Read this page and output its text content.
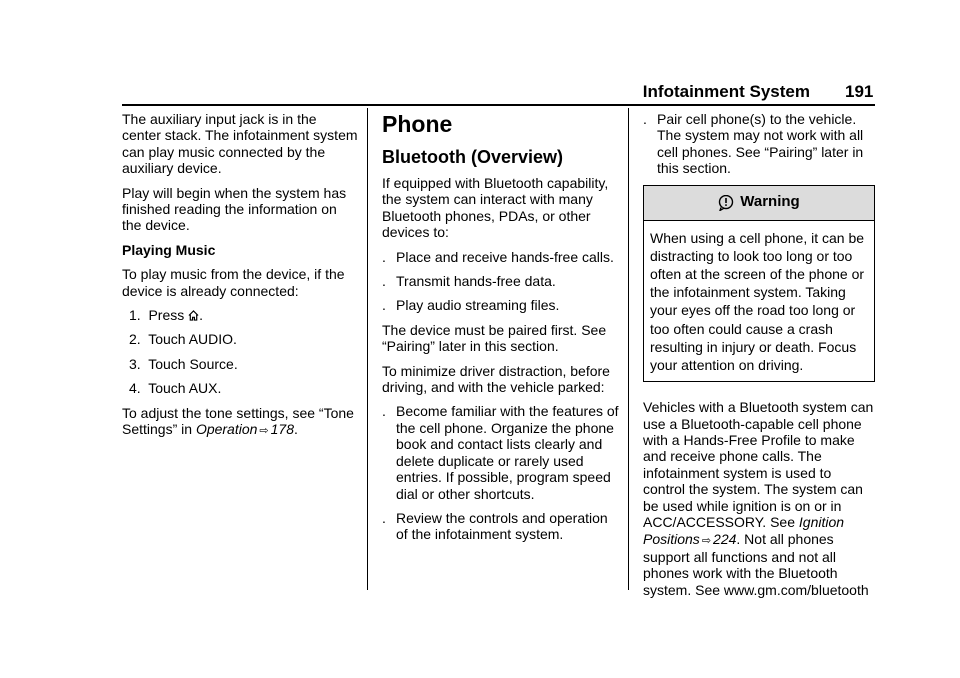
Infotainment System 191

The auxiliary input jack is in the center stack. The infotainment system can play music connected by the auxiliary device.

Play will begin when the system has finished reading the information on the device.

Playing Music

To play music from the device, if the device is already connected:

1. Press .
2. Touch AUDIO.
3. Touch Source.
4. Touch AUX.

To adjust the tone settings, see “Tone Settings” in Operation ⇨ 178.

Phone
Bluetooth (Overview)

If equipped with Bluetooth capability, the system can interact with many Bluetooth phones, PDAs, or other devices to:

. Place and receive hands-free calls.
. Transmit hands-free data.
. Play audio streaming files.

The device must be paired first. See “Pairing” later in this section.

To minimize driver distraction, before driving, and with the vehicle parked:

. Become familiar with the features of the cell phone. Organize the phone book and contact lists clearly and delete duplicate or rarely used entries. If possible, program speed dial or other shortcuts.
. Review the controls and operation of the infotainment system.
. Pair cell phone(s) to the vehicle. The system may not work with all cell phones. See “Pairing” later in this section.
Warning
When using a cell phone, it can be distracting to look too long or too often at the screen of the phone or the infotainment system. Taking your eyes off the road too long or too often could cause a crash resulting in injury or death. Focus your attention on driving.

Vehicles with a Bluetooth system can use a Bluetooth-capable cell phone with a Hands-Free Profile to make and receive phone calls. The infotainment system is used to control the system. The system can be used while ignition is on or in ACC/ACCESSORY. See Ignition Positions ⇨ 224. Not all phones support all functions and not all phones work with the Bluetooth system. See www.gm.com/bluetooth
